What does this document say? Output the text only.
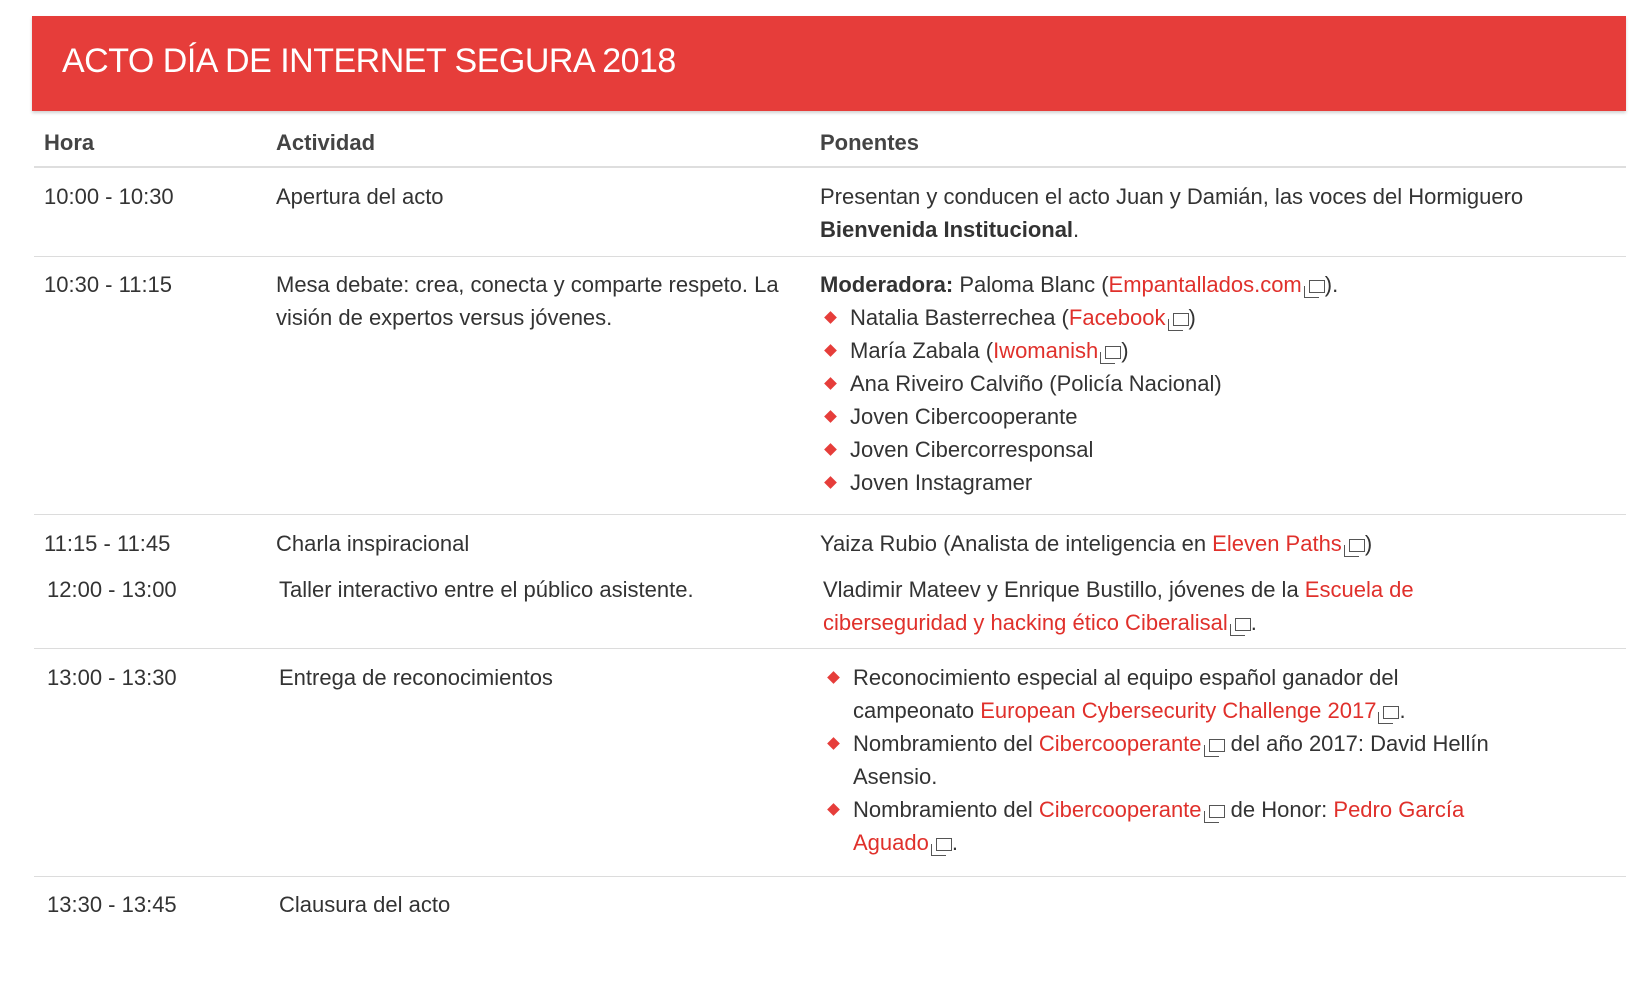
ACTO DÍA DE INTERNET SEGURA 2018
Hora	Actividad	Ponentes
10:00 - 10:30	Apertura del acto	Presentan y conducen el acto Juan y Damián, las voces del Hormiguero
Bienvenida Institucional.
10:30 - 11:15	Mesa debate: crea, conecta y comparte respeto. La visión de expertos versus jóvenes.
Moderadora: Paloma Blanc (Empantallados.com ).
Natalia Basterrechea (Facebook )
María Zabala (Iwomanish )
Ana Riveiro Calviño (Policía Nacional)
Joven Cibercooperante
Joven Cibercorresponsal
Joven Instagramer
11:15 - 11:45	Charla inspiracional	Yaiza Rubio (Analista de inteligencia en Eleven Paths )
12:00 - 13:00	Taller interactivo entre el público asistente.	Vladimir Mateev y Enrique Bustillo, jóvenes de la Escuela de ciberseguridad y hacking ético Ciberalisal .
13:00 - 13:30	Entrega de reconocimientos	Reconocimiento especial al equipo español ganador del campeonato European Cybersecurity Challenge 2017 .
Nombramiento del Cibercooperante del año 2017: David Hellín Asensio.
Nombramiento del Cibercooperante de Honor: Pedro García Aguado .
13:30 - 13:45	Clausura del acto
